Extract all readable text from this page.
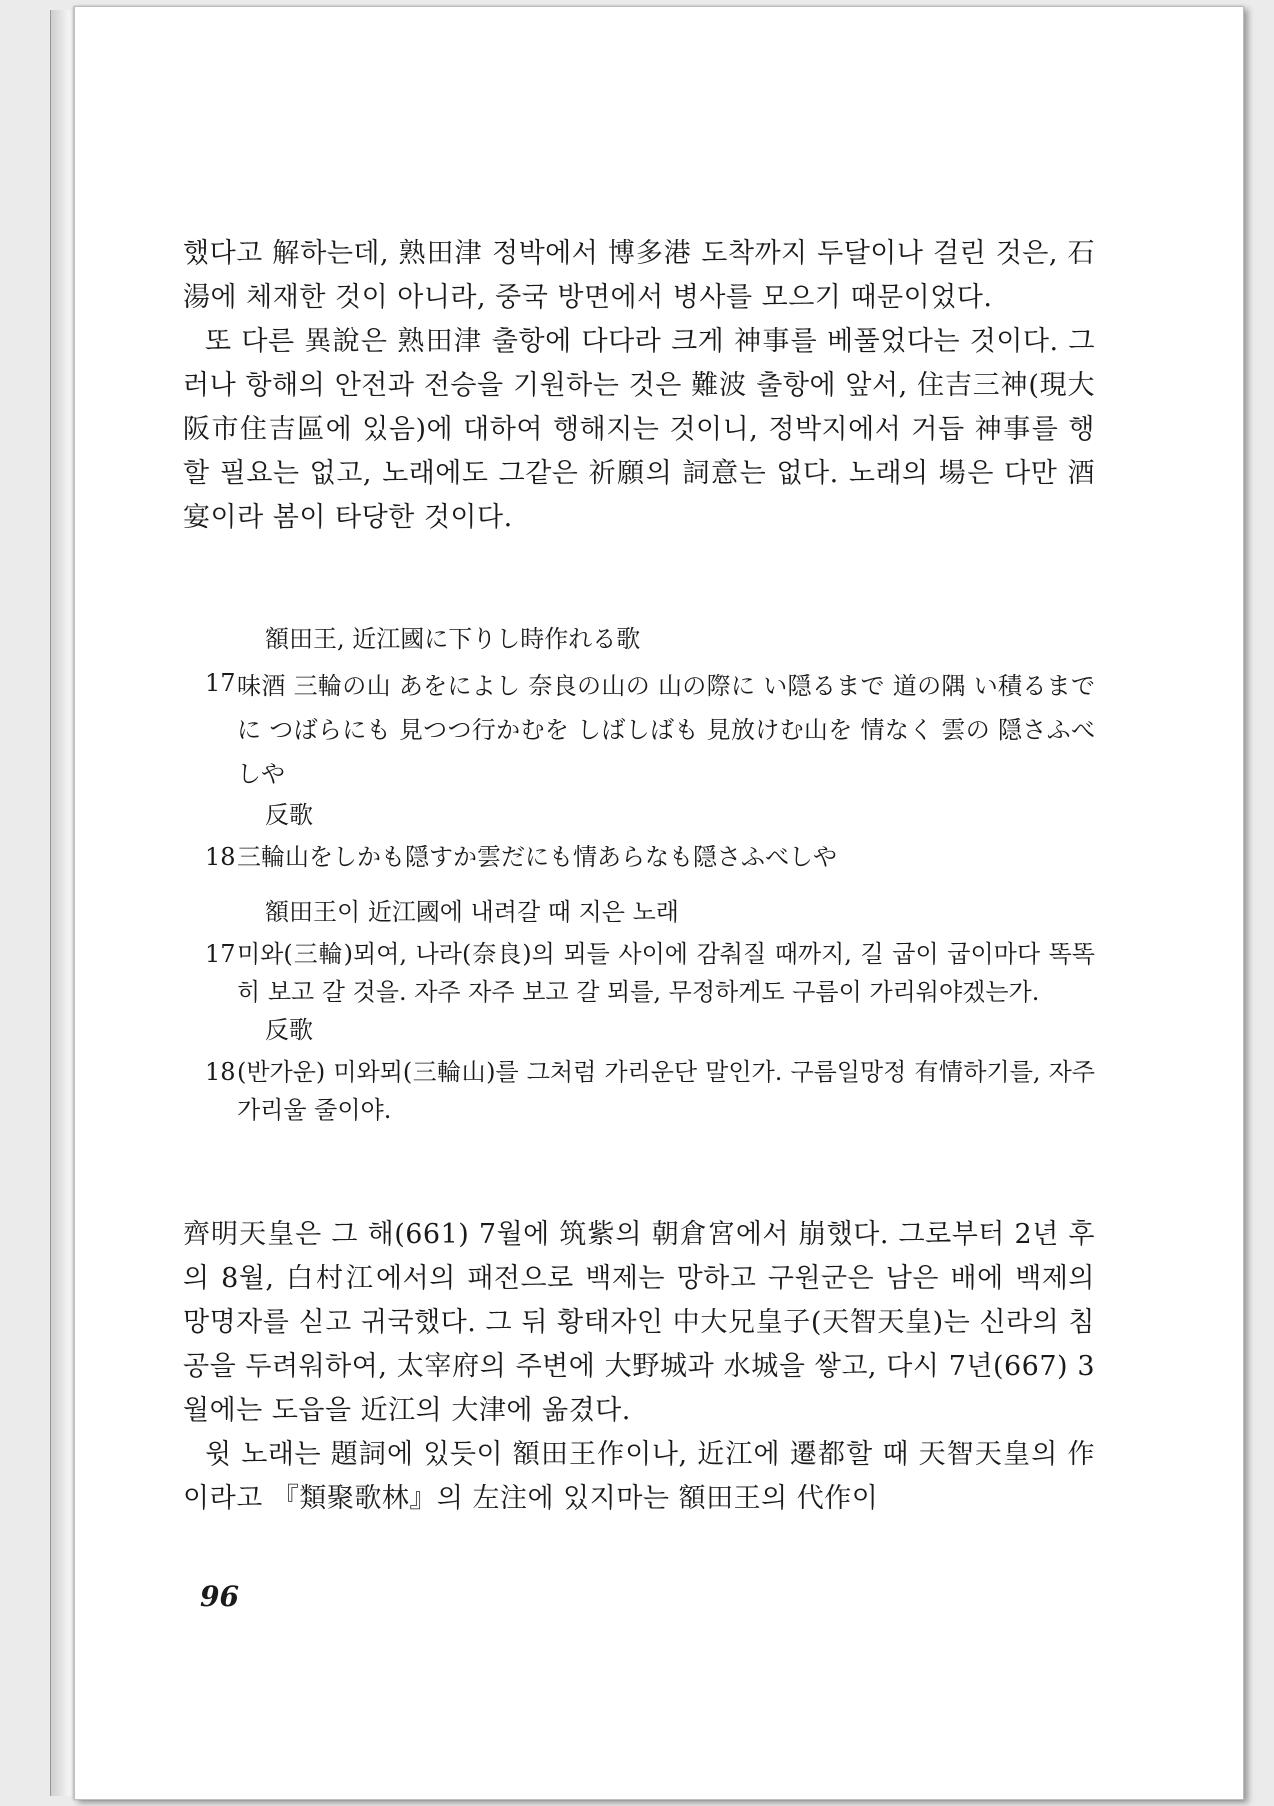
했다고 解하는데, 熟田津 정박에서 博多港 도착까지 두달이나 걸린 것은, 石湯에 체재한 것이 아니라, 중국 방면에서 병사를 모으기 때문이었다.

또 다른 異說은 熟田津 출항에 다다라 크게 神事를 베풀었다는 것이다. 그러나 항해의 안전과 전승을 기원하는 것은 難波 출항에 앞서, 住吉三神(現大阪市住吉區에 있음)에 대하여 행해지는 것이니, 정박지에서 거듭 神事를 행할 필요는 없고, 노래에도 그같은 祈願의 詞意는 없다. 노래의 場은 다만 酒宴이라 봄이 타당한 것이다.

額田王, 近江國に下りし時作れる歌

17 味酒 三輪の山 あをによし 奈良の山の 山の際に い隠るまで 道の隅 い積るまでに つばらにも 見つつ行かむを しばしばも 見放けむ山を 情なく 雲の 隠さふべしや

反歌

18 三輪山をしかも隠すか雲だにも情あらなも隠さふべしや

額田王이 近江國에 내려갈 때 지은 노래

17 미와(三輪)뫼여, 나라(奈良)의 뫼들 사이에 감춰질 때까지, 길 굽이 굽이마다 똑똑히 보고 갈 것을. 자주 자주 보고 갈 뫼를, 무정하게도 구름이 가리워야겠는가.

反歌

18 (반가운) 미와뫼(三輪山)를 그처럼 가리운단 말인가. 구름일망정 有情하기를, 자주 가리울 줄이야.

齊明天皇은 그 해(661) 7월에 筑紫의 朝倉宮에서 崩했다. 그로부터 2년 후의 8월, 白村江에서의 패전으로 백제는 망하고 구원군은 남은 배에 백제의 망명자를 싣고 귀국했다. 그 뒤 황태자인 中大兄皇子(天智天皇)는 신라의 침공을 두려워하여, 太宰府의 주변에 大野城과 水城을 쌓고, 다시 7년(667) 3월에는 도읍을 近江의 大津에 옮겼다.

윗 노래는 題詞에 있듯이 額田王作이나, 近江에 遷都할 때 天智天皇의 作이라고 『類聚歌林』의 左注에 있지마는 額田王의 代作이

96
